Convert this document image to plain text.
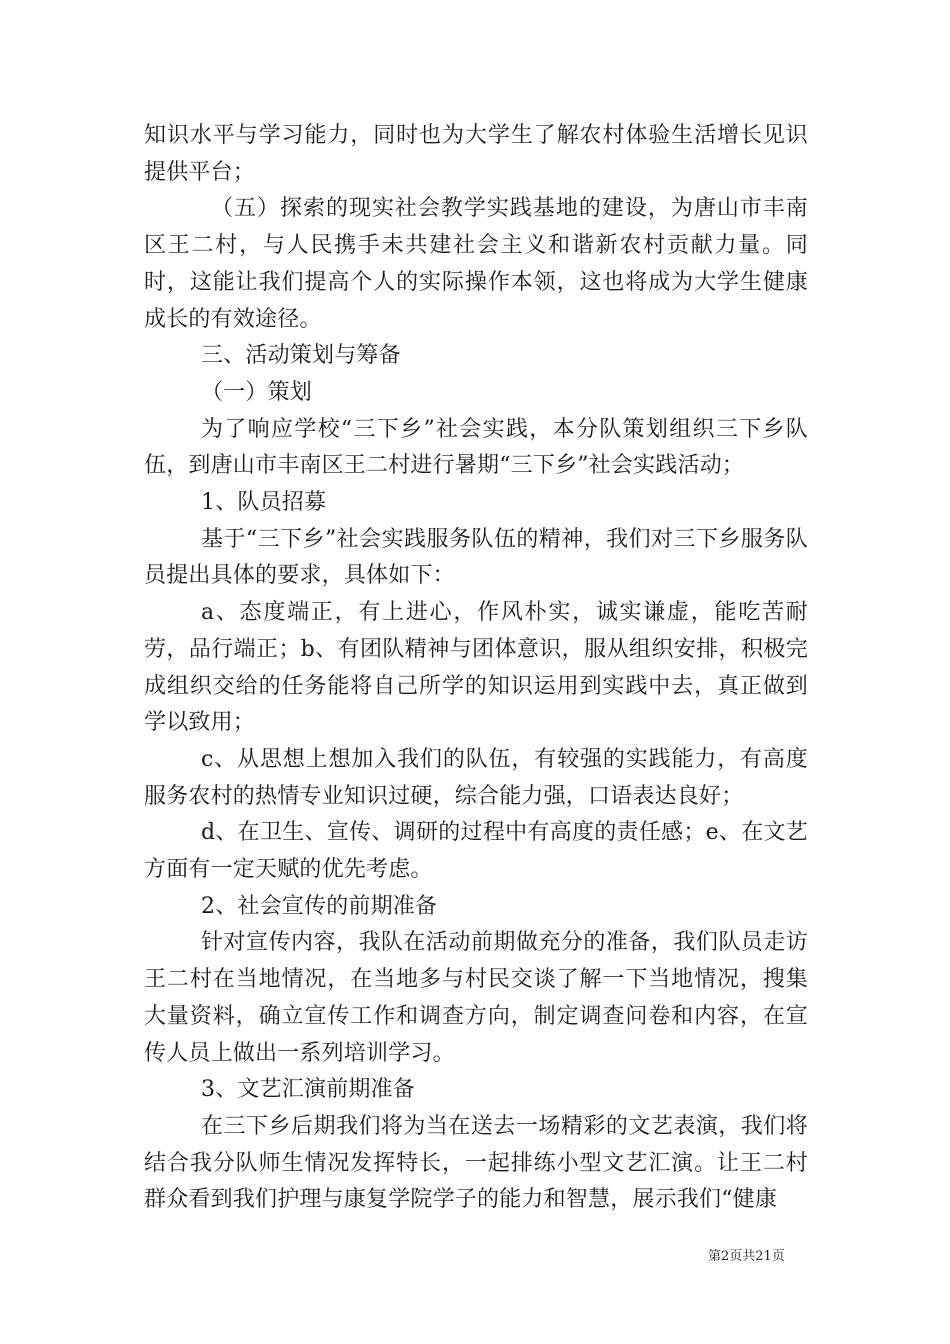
知识水平与学习能力，同时也为大学生了解农村体验生活增长见识提供平台；

（五）探索的现实社会教学实践基地的建设，为唐山市丰南区王二村，与人民携手未共建社会主义和谐新农村贡献力量。同时，这能让我们提高个人的实际操作本领，这也将成为大学生健康成长的有效途径。

三、活动策划与筹备

（一）策划

为了响应学校“三下乡”社会实践，本分队策划组织三下乡队伍，到唐山市丰南区王二村进行暑期“三下乡”社会实践活动；

1、队员招募

基于“三下乡”社会实践服务队伍的精神，我们对三下乡服务队员提出具体的要求，具体如下：

a、态度端正，有上进心，作风朴实，诚实谦虚，能吃苦耐劳，品行端正；b、有团队精神与团体意识，服从组织安排，积极完成组织交给的任务能将自己所学的知识运用到实践中去，真正做到学以致用；

c、从思想上想加入我们的队伍，有较强的实践能力，有高度服务农村的热情专业知识过硬，综合能力强，口语表达良好；

d、在卫生、宣传、调研的过程中有高度的责任感；e、在文艺方面有一定天赋的优先考虑。

2、社会宣传的前期准备

针对宣传内容，我队在活动前期做充分的准备，我们队员走访王二村在当地情况，在当地多与村民交谈了解一下当地情况，搜集大量资料，确立宣传工作和调查方向，制定调查问卷和内容，在宣传人员上做出一系列培训学习。

3、文艺汇演前期准备

在三下乡后期我们将为当在送去一场精彩的文艺表演，我们将结合我分队师生情况发挥特长，一起排练小型文艺汇演。让王二村群众看到我们护理与康复学院学子的能力和智慧，展示我们“健康

第2页共21页
